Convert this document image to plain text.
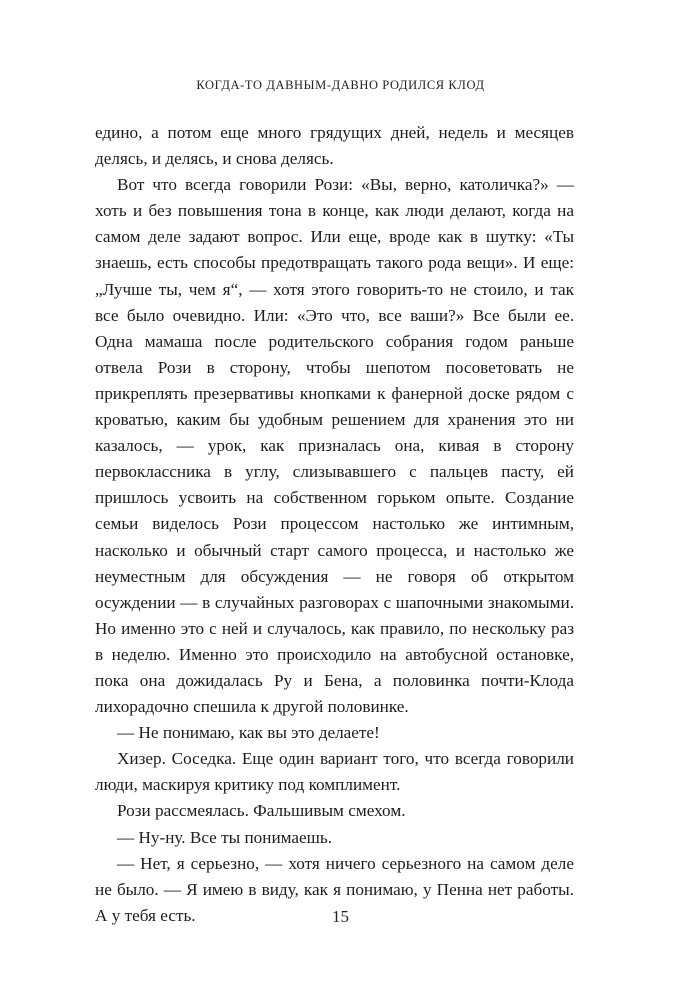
КОГДА-ТО ДАВНЫМ-ДАВНО РОДИЛСЯ КЛОД

едино, а потом еще много грядущих дней, недель и месяцев делясь, и делясь, и снова делясь.

Вот что всегда говорили Рози: «Вы, верно, католичка?» — хоть и без повышения тона в конце, как люди делают, когда на самом деле задают вопрос. Или еще, вроде как в шутку: «Ты знаешь, есть способы предотвращать такого рода вещи». И еще: „Лучше ты, чем я“, — хотя этого говорить-то не стоило, и так все было очевидно. Или: «Это что, все ваши?» Все были ее. Одна мамаша после родительского собрания годом раньше отвела Рози в сторону, чтобы шепотом посоветовать не прикреплять презервативы кнопками к фанерной доске рядом с кроватью, каким бы удобным решением для хранения это ни казалось, — урок, как призналась она, кивая в сторону первоклассника в углу, слизывавшего с пальцев пасту, ей пришлось усвоить на собственном горьком опыте. Создание семьи виделось Рози процессом настолько же интимным, насколько и обычный старт самого процесса, и настолько же неуместным для обсуждения — не говоря об открытом осуждении — в случайных разговорах с шапочными знакомыми. Но именно это с ней и случалось, как правило, по нескольку раз в неделю. Именно это происходило на автобусной остановке, пока она дожидалась Ру и Бена, а половинка почти-Клода лихорадочно спешила к другой половинке.

— Не понимаю, как вы это делаете!

Хизер. Соседка. Еще один вариант того, что всегда говорили люди, маскируя критику под комплимент.

Рози рассмеялась. Фальшивым смехом.

— Ну-ну. Все ты понимаешь.

— Нет, я серьезно, — хотя ничего серьезного на самом деле не было. — Я имею в виду, как я понимаю, у Пенна нет работы. А у тебя есть.	15
